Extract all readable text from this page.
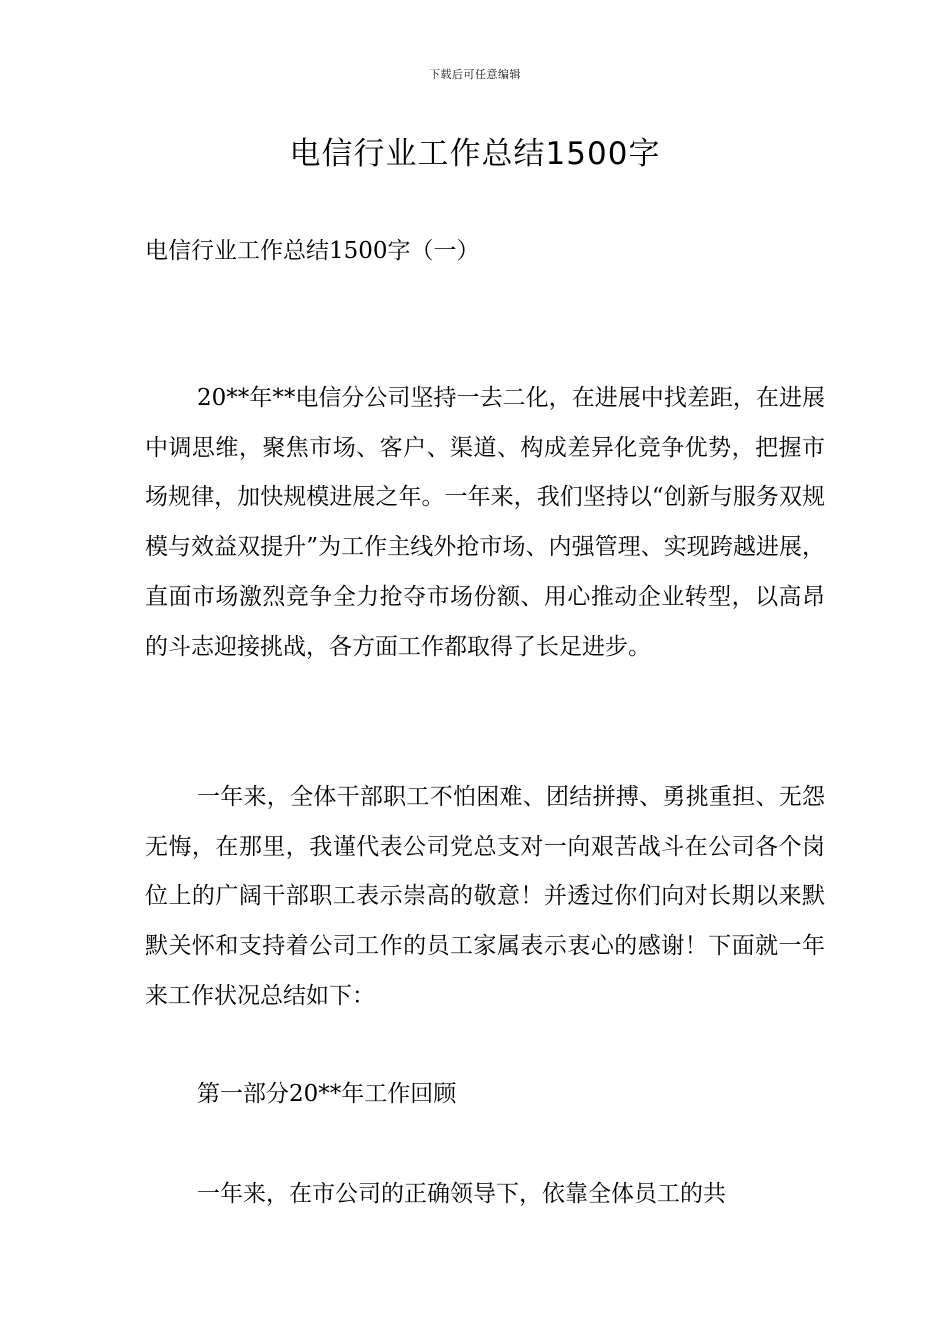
下载后可任意编辑
电信行业工作总结1500字

电信行业工作总结1500字（一）

20**年**电信分公司坚持一去二化，在进展中找差距，在进展中调思维，聚焦市场、客户、渠道、构成差异化竞争优势，把握市场规律，加快规模进展之年。一年来，我们坚持以“创新与服务双规模与效益双提升”为工作主线外抢市场、内强管理、实现跨越进展，直面市场激烈竞争全力抢夺市场份额、用心推动企业转型，以高昂的斗志迎接挑战，各方面工作都取得了长足进步。

一年来，全体干部职工不怕困难、团结拼搏、勇挑重担、无怨无悔，在那里，我谨代表公司党总支对一向艰苦战斗在公司各个岗位上的广阔干部职工表示崇高的敬意！并透过你们向对长期以来默默关怀和支持着公司工作的员工家属表示衷心的感谢！下面就一年来工作状况总结如下：

第一部分20**年工作回顾

一年来，在市公司的正确领导下，依靠全体员工的共
